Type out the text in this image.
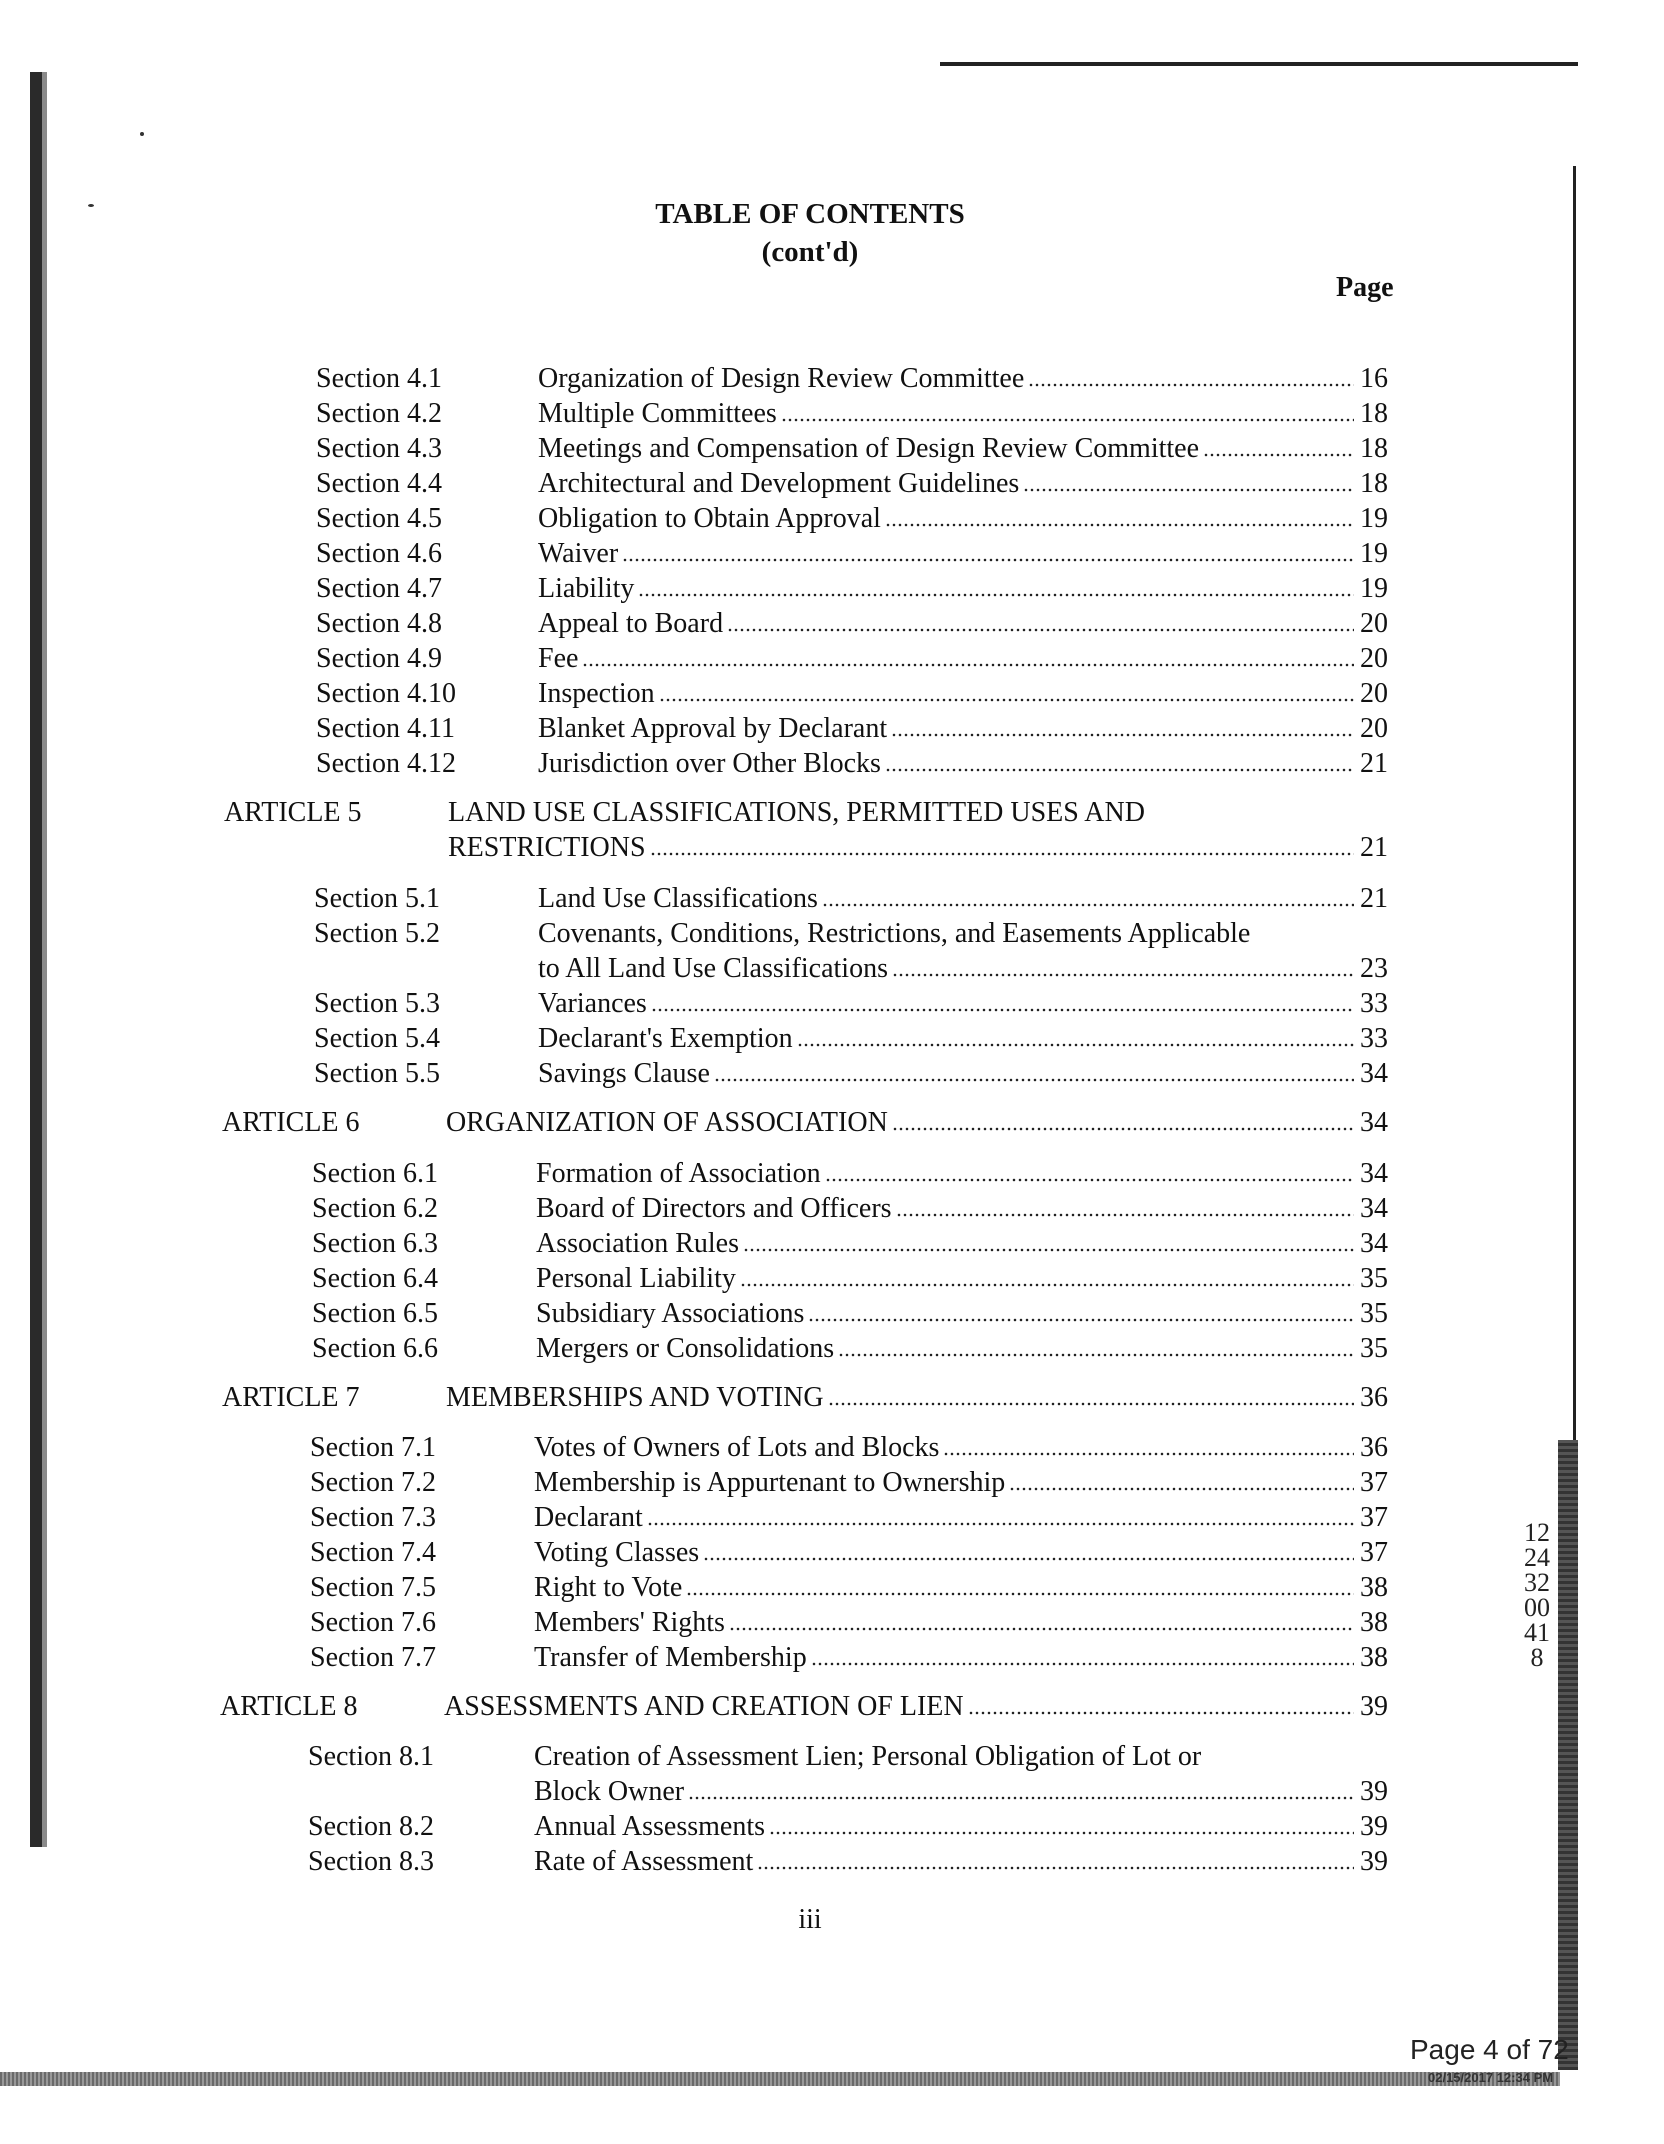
TABLE OF CONTENTS
(cont'd)
Page
Section 4.1	Organization of Design Review Committee	16
Section 4.2	Multiple Committees	18
Section 4.3	Meetings and Compensation of Design Review Committee	18
Section 4.4	Architectural and Development Guidelines	18
Section 4.5	Obligation to Obtain Approval	19
Section 4.6	Waiver	19
Section 4.7	Liability	19
Section 4.8	Appeal to Board	20
Section 4.9	Fee	20
Section 4.10	Inspection	20
Section 4.11	Blanket Approval by Declarant	20
Section 4.12	Jurisdiction over Other Blocks	21
ARTICLE 5	LAND USE CLASSIFICATIONS, PERMITTED USES AND
RESTRICTIONS	21
Section 5.1	Land Use Classifications	21
Section 5.2	Covenants, Conditions, Restrictions, and Easements Applicable
to All Land Use Classifications	23
Section 5.3	Variances	33
Section 5.4	Declarant's Exemption	33
Section 5.5	Savings Clause	34
ARTICLE 6	ORGANIZATION OF ASSOCIATION	34
Section 6.1	Formation of Association	34
Section 6.2	Board of Directors and Officers	34
Section 6.3	Association Rules	34
Section 6.4	Personal Liability	35
Section 6.5	Subsidiary Associations	35
Section 6.6	Mergers or Consolidations	35
ARTICLE 7	MEMBERSHIPS AND VOTING	36
Section 7.1	Votes of Owners of Lots and Blocks	36
Section 7.2	Membership is Appurtenant to Ownership	37
Section 7.3	Declarant	37
Section 7.4	Voting Classes	37
Section 7.5	Right to Vote	38
Section 7.6	Members' Rights	38
Section 7.7	Transfer of Membership	38
ARTICLE 8	ASSESSMENTS AND CREATION OF LIEN	39
Section 8.1	Creation of Assessment Lien; Personal Obligation of Lot or
Block Owner	39
Section 8.2	Annual Assessments	39
Section 8.3	Rate of Assessment	39
iii
122432 00418
Page 4 of 72
02/15/2017 12:34 PM
